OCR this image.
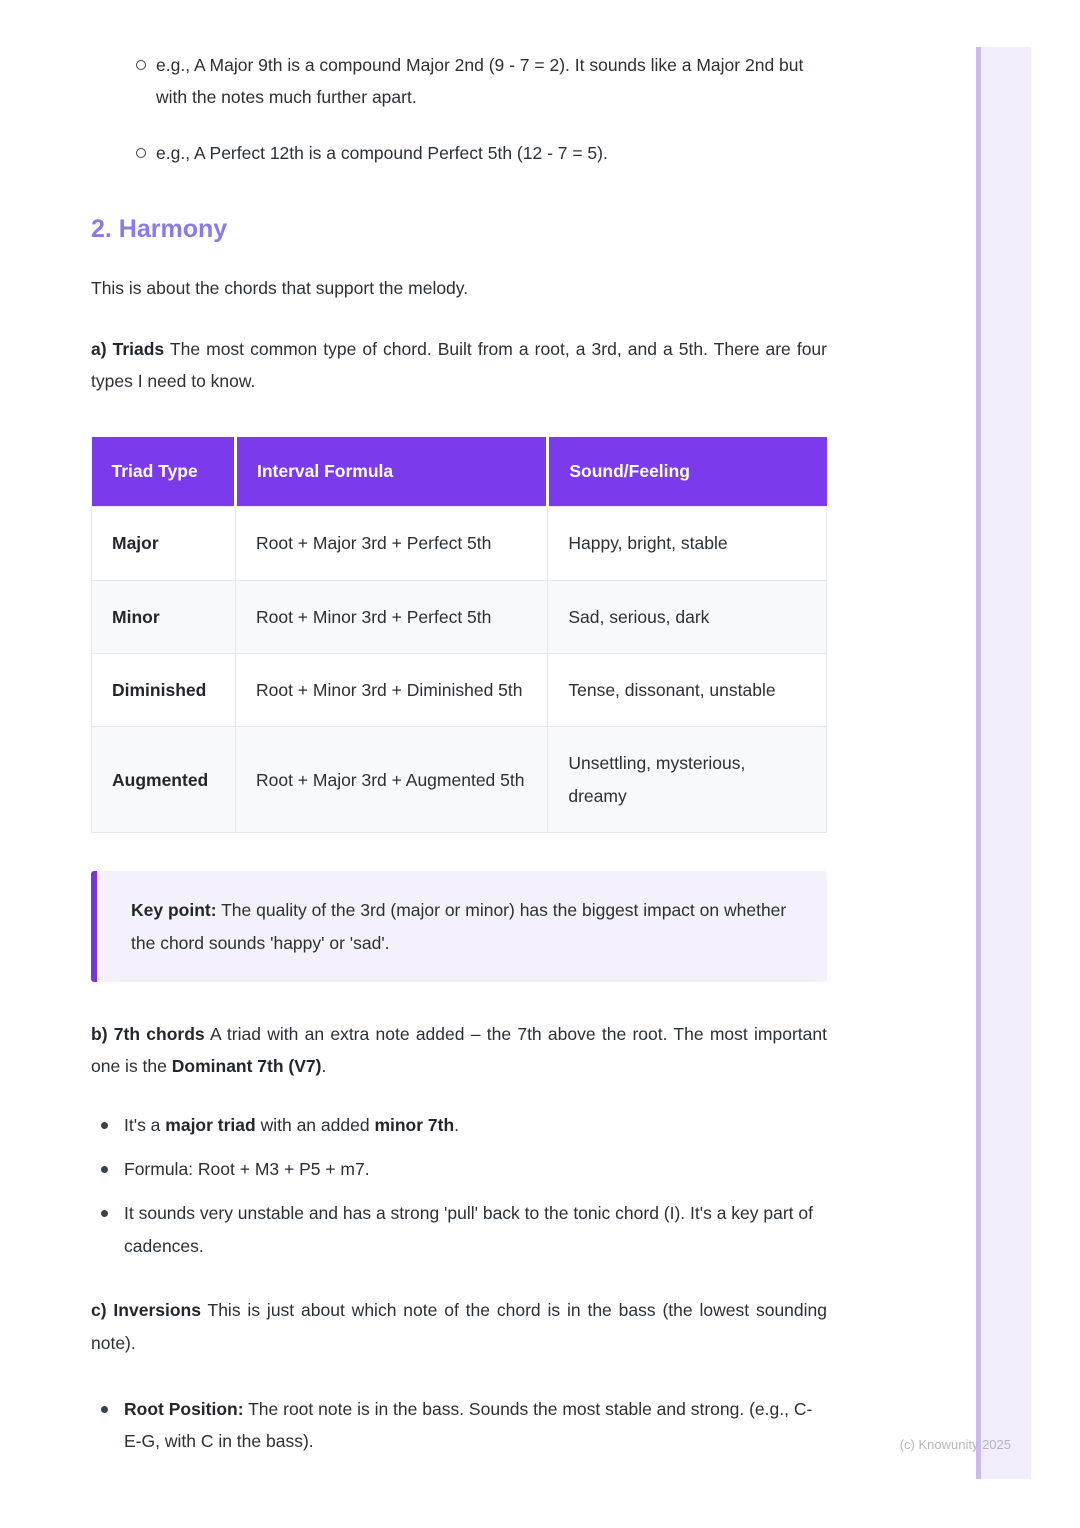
e.g., A Major 9th is a compound Major 2nd (9 - 7 = 2). It sounds like a Major 2nd but with the notes much further apart.
e.g., A Perfect 12th is a compound Perfect 5th (12 - 7 = 5).
2. Harmony

This is about the chords that support the melody.

a) Triads The most common type of chord. Built from a root, a 3rd, and a 5th. There are four types I need to know.

Triad Type	Interval Formula	Sound/Feeling
Major	Root + Major 3rd + Perfect 5th	Happy, bright, stable
Minor	Root + Minor 3rd + Perfect 5th	Sad, serious, dark
Diminished	Root + Minor 3rd + Diminished 5th	Tense, dissonant, unstable
Augmented	Root + Major 3rd + Augmented 5th	Unsettling, mysterious, dreamy

Key point: The quality of the 3rd (major or minor) has the biggest impact on whether the chord sounds 'happy' or 'sad'.

b) 7th chords A triad with an extra note added – the 7th above the root. The most important one is the Dominant 7th (V7).

It's a major triad with an added minor 7th.
Formula: Root + M3 + P5 + m7.
It sounds very unstable and has a strong 'pull' back to the tonic chord (I). It's a key part of cadences.

c) Inversions This is just about which note of the chord is in the bass (the lowest sounding note).

Root Position: The root note is in the bass. Sounds the most stable and strong. (e.g., C-E-G, with C in the bass).	(c) Knowunity 2025
